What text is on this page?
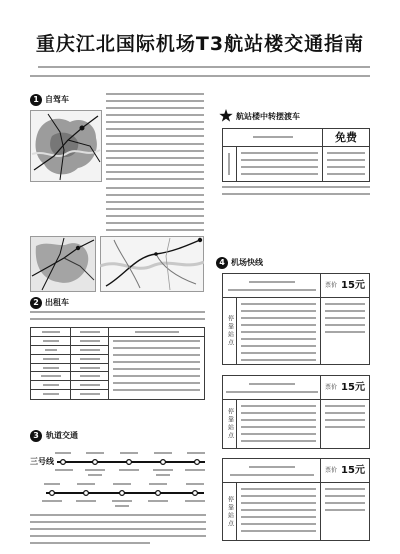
重庆江北国际机场T3航站楼交通指南
1 自驾车
航站楼中转摆渡车
免费
4 机场快线
票价 15元
停靠站点
票价 15元
停靠站点
票价 15元
停靠站点
2 出租车
3 轨道交通
三号线
